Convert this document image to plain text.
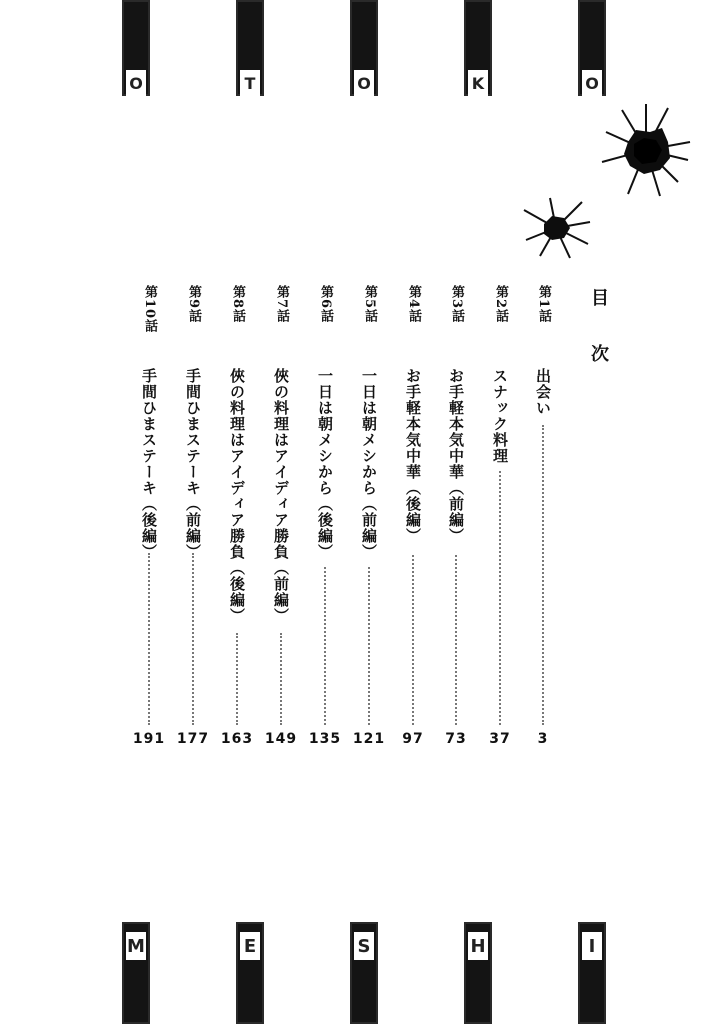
O	T	O	K	O
目次
第1話
出会い
3
第2話
スナック料理
37
第3話
お手軽本気中華（前編）
73
第4話
お手軽本気中華（後編）
97
第5話
一日は朝メシから（前編）
121
第6話
一日は朝メシから（後編）
135
第7話
俠の料理はアイディア勝負（前編）
149
第8話
俠の料理はアイディア勝負（後編）
163
第9話
手間ひまステーキ（前編）
177
第10話
手間ひまステーキ（後編）
191
M	E	S	H	I
